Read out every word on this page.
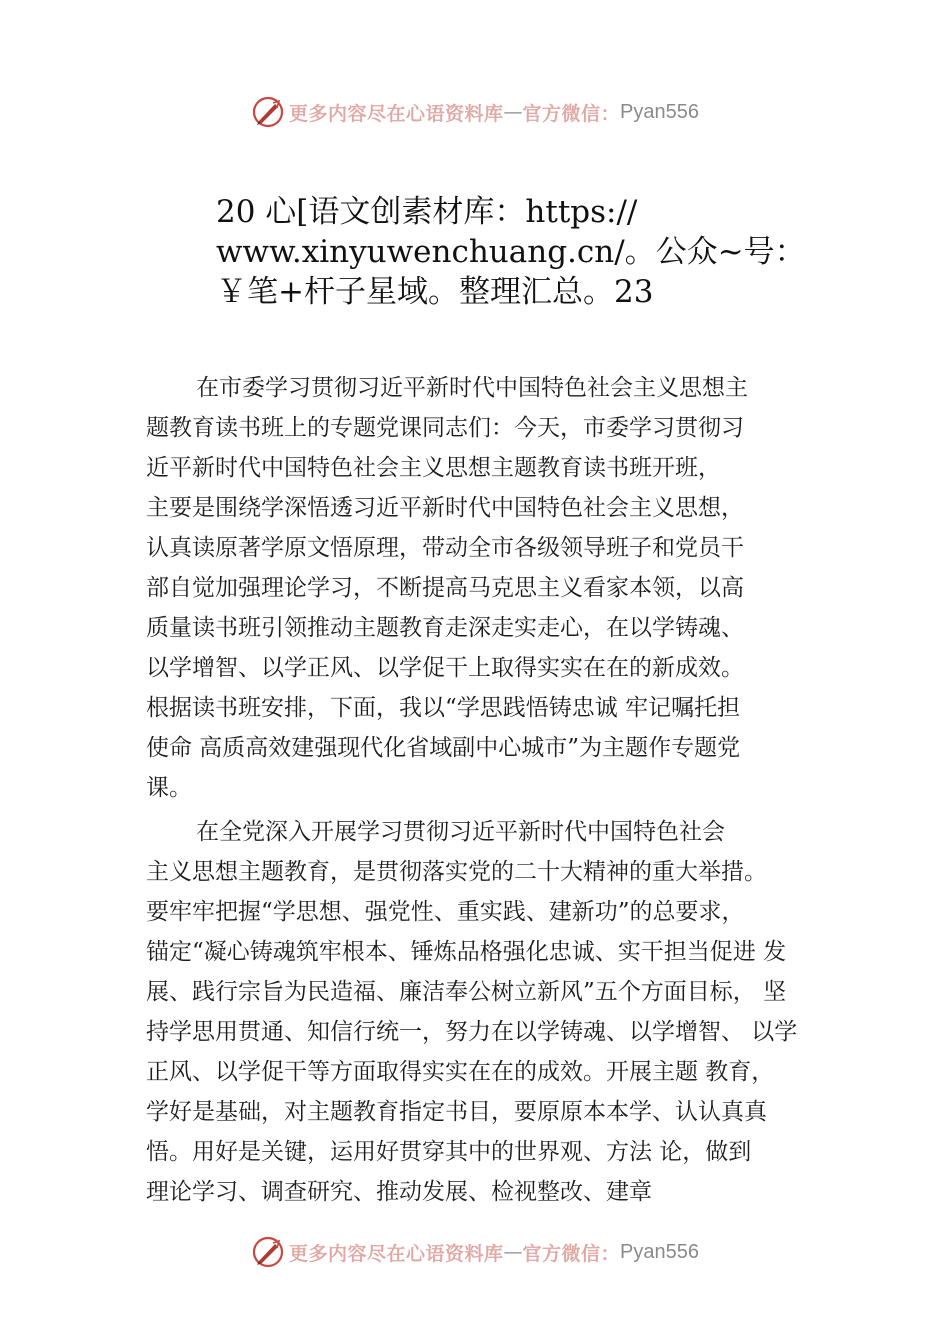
更多内容尽在心语资料库 — 官方微信： Pyan556
20 心[语文创素材库：https://
www.xinyuwenchuang.cn/。公众~号：
￥笔+杆子星域。整理汇总。23
在市委学习贯彻习近平新时代中国特色社会主义思想主
题教育读书班上的专题党课同志们：今天，市委学习贯彻习
近平新时代中国特色社会主义思想主题教育读书班开班，
主要是围绕学深悟透习近平新时代中国特色社会主义思想，
认真读原著学原文悟原理，带动全市各级领导班子和党员干
部自觉加强理论学习，不断提高马克思主义看家本领，以高
质量读书班引领推动主题教育走深走实走心，在以学铸魂、
以学增智、以学正风、以学促干上取得实实在在的新成效。
根据读书班安排，下面，我以“学思践悟铸忠诚 牢记嘱托担
使命 高质高效建强现代化省域副中心城市”为主题作专题党
课。
在全党深入开展学习贯彻习近平新时代中国特色社会
主义思想主题教育，是贯彻落实党的二十大精神的重大举措。
要牢牢把握“学思想、强党性、重实践、建新功”的总要求，
锚定“凝心铸魂筑牢根本、锤炼品格强化忠诚、实干担当促进 发
展、践行宗旨为民造福、廉洁奉公树立新风”五个方面目标， 坚
持学思用贯通、知信行统一，努力在以学铸魂、以学增智、 以学
正风、以学促干等方面取得实实在在的成效。开展主题 教育，
学好是基础，对主题教育指定书目，要原原本本学、认认真真
悟。用好是关键，运用好贯穿其中的世界观、方法 论，做到
理论学习、调查研究、推动发展、检视整改、建章
更多内容尽在心语资料库 — 官方微信： Pyan556
